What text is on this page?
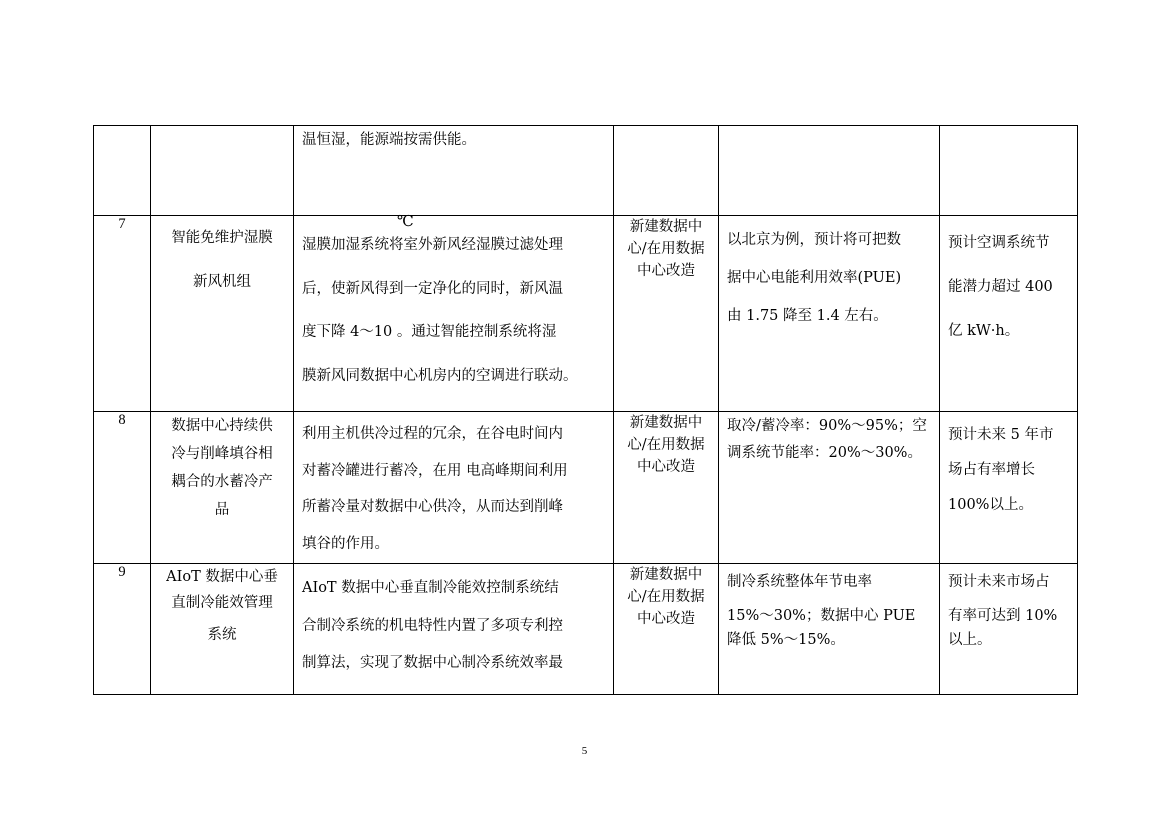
		温恒湿，能源端按需供能。			

7	智能免维护湿膜
新风机组	湿膜加湿系统将室外新风经湿膜过滤处理
后，使新风得到一定净化的同时，新风温
度下降 4～10 。通过智能控制系统将湿
膜新风同数据中心机房内的空调进行联动。	新建数据中
心/在用数据
中心改造	以北京为例，预计将可把数
据中心电能利用效率(PUE)
由 1.75 降至 1.4 左右。	预计空调系统节
能潜力超过 400
亿 kW·h。

8	数据中心持续供
冷与削峰填谷相
耦合的水蓄冷产
品	利用主机供冷过程的冗余，在谷电时间内
对蓄冷罐进行蓄冷，在用 电高峰期间利用
所蓄冷量对数据中心供冷，从而达到削峰
填谷的作用。	新建数据中
心/在用数据
中心改造	取冷/蓄冷率：90%～95%；空
调系统节能率：20%～30%。	预计未来 5 年市
场占有率增长
100%以上。

9	AIoT 数据中心垂
直制冷能效管理
系统	AIoT 数据中心垂直制冷能效控制系统结
合制冷系统的机电特性内置了多项专利控
制算法，实现了数据中心制冷系统效率最	新建数据中
心/在用数据
中心改造	制冷系统整体年节电率
15%～30%；数据中心 PUE
降低 5%～15%。	预计未来市场占
有率可达到 10%
以上。
℃
5
